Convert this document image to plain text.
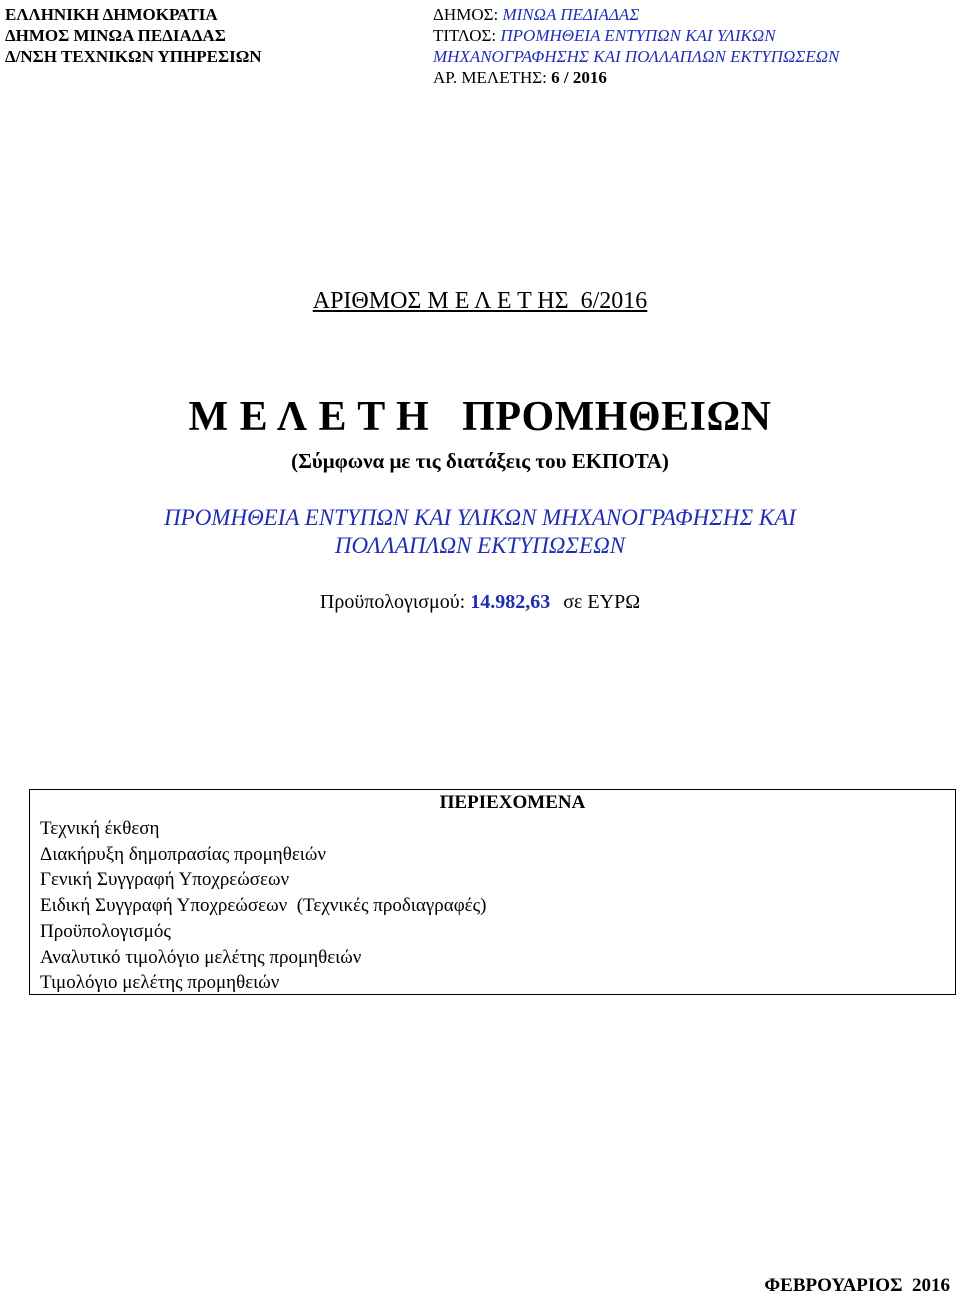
ΕΛΛΗΝΙΚΗ ΔΗΜΟΚΡΑΤΙΑ
ΔΗΜΟΣ ΜΙΝΩΑ ΠΕΔΙΑΔΑΣ
Δ/ΝΣΗ ΤΕΧΝΙΚΩΝ ΥΠΗΡΕΣΙΩΝ
ΔΗΜΟΣ: ΜΙΝΩΑ ΠΕΔΙΑΔΑΣ
ΤΙΤΛΟΣ: ΠΡΟΜΗΘΕΙΑ ΕΝΤΥΠΩΝ ΚΑΙ ΥΛΙΚΩΝ
ΜΗΧΑΝΟΓΡΑΦΗΣΗΣ ΚΑΙ ΠΟΛΛΑΠΛΩΝ ΕΚΤΥΠΩΣΕΩΝ
ΑΡ. ΜΕΛΕΤΗΣ: 6 / 2016
ΑΡΙΘΜΟΣ Μ Ε Λ Ε Τ ΗΣ  6/2016
Μ Ε Λ Ε Τ Η   ΠΡΟΜΗΘΕΙΩΝ
(Σύμφωνα με τις διατάξεις του ΕΚΠΟΤΑ)
ΠΡΟΜΗΘΕΙΑ ΕΝΤΥΠΩΝ ΚΑΙ ΥΛΙΚΩΝ ΜΗΧΑΝΟΓΡΑΦΗΣΗΣ ΚΑΙ
ΠΟΛΛΑΠΛΩΝ ΕΚΤΥΠΩΣΕΩΝ
Προϋπολογισμού: 14.982,63 σε ΕΥΡΩ
ΠΕΡΙΕΧΟΜΕΝΑ
Τεχνική έκθεση
Διακήρυξη δημοπρασίας προμηθειών
Γενική Συγγραφή Υποχρεώσεων
Ειδική Συγγραφή Υποχρεώσεων  (Τεχνικές προδιαγραφές)
Προϋπολογισμός
Αναλυτικό τιμολόγιο μελέτης προμηθειών
Τιμολόγιο μελέτης προμηθειών
ΦΕΒΡΟΥΑΡΙΟΣ  2016
